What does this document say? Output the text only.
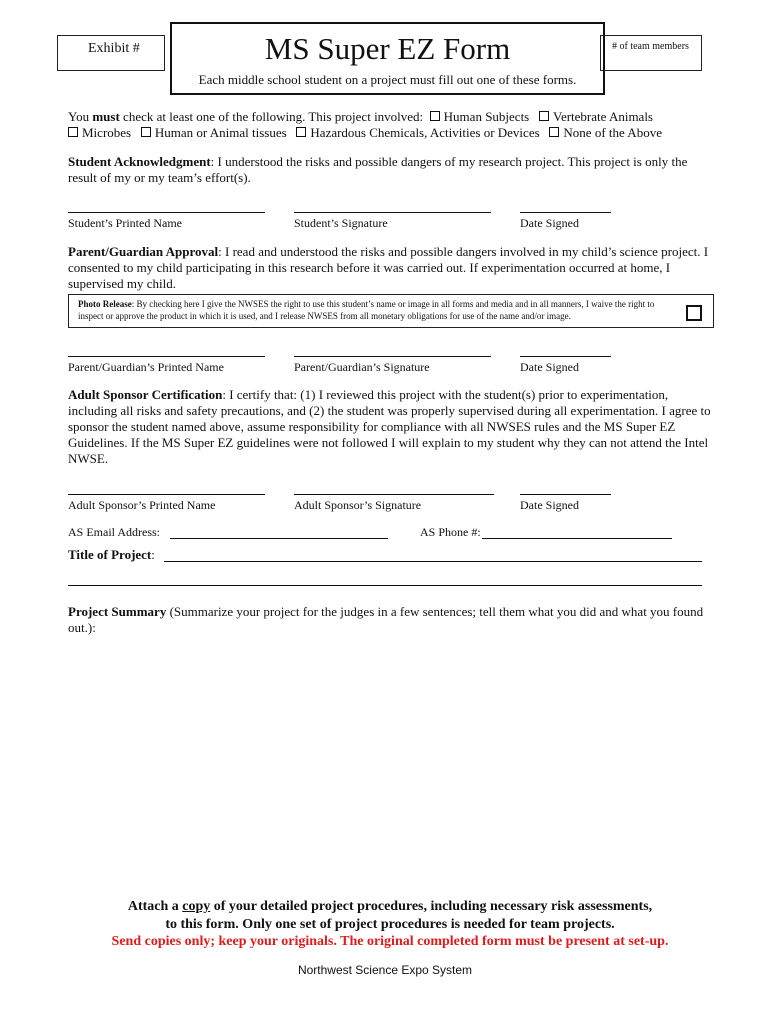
Exhibit #	MS Super EZ Form
Each middle school student on a project must fill out one of these forms.
# of team members
You must check at least one of the following. This project involved: Human Subjects Vertebrate Animals
Microbes Human or Animal tissues Hazardous Chemicals, Activities or Devices None of the Above
Student Acknowledgment: I understood the risks and possible dangers of my research project. This project is only the result of my or my team’s effort(s).
Student’s Printed Name	Student’s Signature	Date Signed
Parent/Guardian Approval: I read and understood the risks and possible dangers involved in my child’s science project. I consented to my child participating in this research before it was carried out. If experimentation occurred at home, I supervised my child.
Photo Release: By checking here I give the NWSES the right to use this student’s name or image in all forms and media and in all manners, I waive the right to inspect or approve the product in which it is used, and I release NWSES from all monetary obligations for use of the name and/or image.
Parent/Guardian’s Printed Name	Parent/Guardian’s Signature	Date Signed
Adult Sponsor Certification: I certify that: (1) I reviewed this project with the student(s) prior to experimentation, including all risks and safety precautions, and (2) the student was properly supervised during all experimentation. I agree to sponsor the student named above, assume responsibility for compliance with all NWSES rules and the MS Super EZ Guidelines. If the MS Super EZ guidelines were not followed I will explain to my student why they can not attend the Intel NWSE.
Adult Sponsor’s Printed Name	Adult Sponsor’s Signature	Date Signed
AS Email Address:	AS Phone #:
Title of Project:
Project Summary (Summarize your project for the judges in a few sentences; tell them what you did and what you found out.):
Attach a copy of your detailed project procedures, including necessary risk assessments,
to this form. Only one set of project procedures is needed for team projects.
Send copies only; keep your originals. The original completed form must be present at set-up.
Northwest Science Expo System
